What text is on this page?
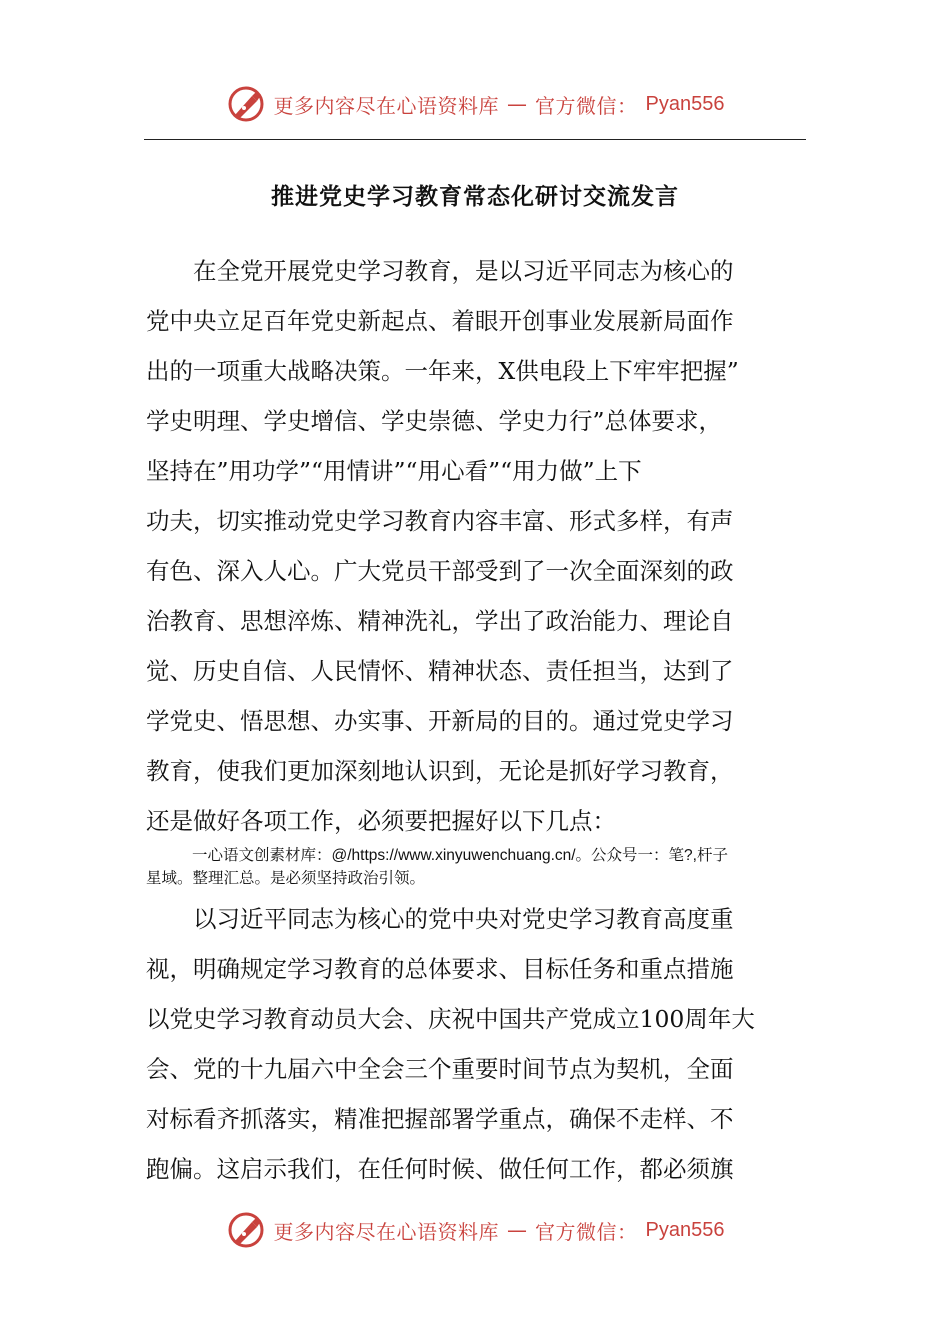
更多内容尽在心语资料库 — 官方微信： Pyan556
推进党史学习教育常态化研讨交流发言
　　在全党开展党史学习教育，是以习近平同志为核心的
党中央立足百年党史新起点、着眼开创事业发展新局面作
出的一项重大战略决策。一年来，X供电段上下牢牢把握”
学史明理、学史增信、学史崇德、学史力行”总体要求，
坚持在”用功学”“用情讲”“用心看”“用力做”上下
功夫，切实推动党史学习教育内容丰富、形式多样，有声
有色、深入人心。广大党员干部受到了一次全面深刻的政
治教育、思想淬炼、精神洗礼，学出了政治能力、理论自
觉、历史自信、人民情怀、精神状态、责任担当，达到了
学党史、悟思想、办实事、开新局的目的。通过党史学习
教育，使我们更加深刻地认识到，无论是抓好学习教育，
还是做好各项工作，必须要把握好以下几点：
一心语文创素材库：@/https://www.xinyuwenchuang.cn/。公众号一：笔?,杆子
星域。整理汇总。是必须坚持政治引领。
　　以习近平同志为核心的党中央对党史学习教育高度重
视，明确规定学习教育的总体要求、目标任务和重点措施
以党史学习教育动员大会、庆祝中国共产党成立100周年大
会、党的十九届六中全会三个重要时间节点为契机，全面
对标看齐抓落实，精准把握部署学重点，确保不走样、不
跑偏。这启示我们，在任何时候、做任何工作，都必须旗
更多内容尽在心语资料库 — 官方微信： Pyan556
